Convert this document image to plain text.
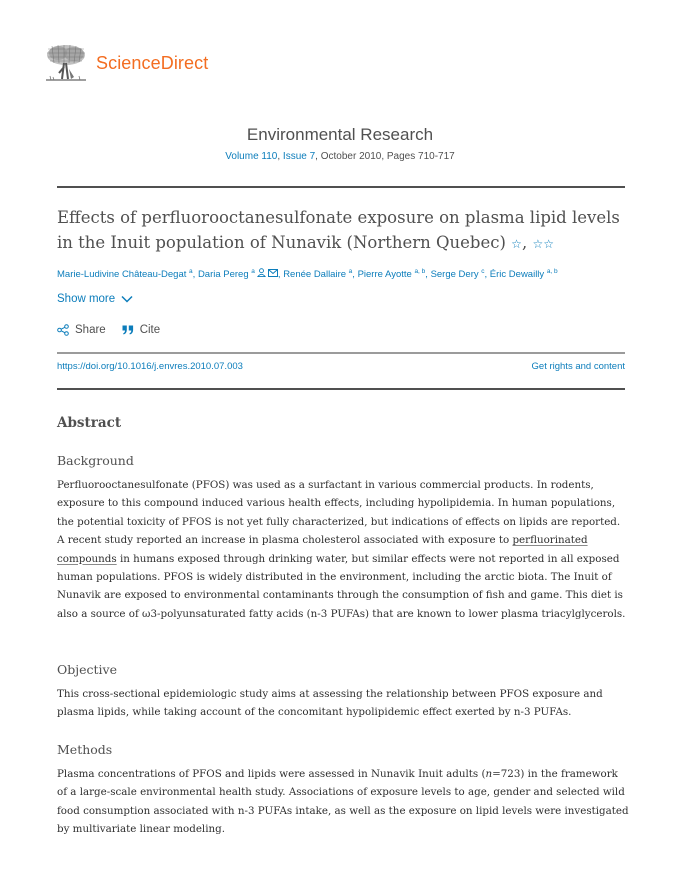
ScienceDirect
Environmental Research
Volume 110, Issue 7, October 2010, Pages 710-717
Effects of perfluorooctanesulfonate exposure on plasma lipid levels in the Inuit population of Nunavik (Northern Quebec) ☆, ☆☆
Marie-Ludivine Château-Degat $^a$, Daria Pereg $^a$ , Renée Dallaire $^a$, Pierre Ayotte $^{a, b}$, Serge Dery $^c$, Éric Dewailly $^{a, b}$
Show more
Share	Cite
https://doi.org/10.1016/j.envres.2010.07.003	Get rights and content
Abstract
Background
Perfluorooctanesulfonate (PFOS) was used as a surfactant in various commercial products. In rodents, exposure to this compound induced various health effects, including hypolipidemia. In human populations, the potential toxicity of PFOS is not yet fully characterized, but indications of effects on lipids are reported. A recent study reported an increase in plasma cholesterol associated with exposure to perfluorinated compounds in humans exposed through drinking water, but similar effects were not reported in all exposed human populations. PFOS is widely distributed in the environment, including the arctic biota. The Inuit of Nunavik are exposed to environmental contaminants through the consumption of fish and game. This diet is also a source of ω3-polyunsaturated fatty acids (n-3 PUFAs) that are known to lower plasma triacylglycerols.
Objective
This cross-sectional epidemiologic study aims at assessing the relationship between PFOS exposure and plasma lipids, while taking account of the concomitant hypolipidemic effect exerted by n-3 PUFAs.
Methods
Plasma concentrations of PFOS and lipids were assessed in Nunavik Inuit adults (n=723) in the framework of a large-scale environmental health study. Associations of exposure levels to age, gender and selected wild food consumption associated with n-3 PUFAs intake, as well as the exposure on lipid levels were investigated by multivariate linear modeling.
